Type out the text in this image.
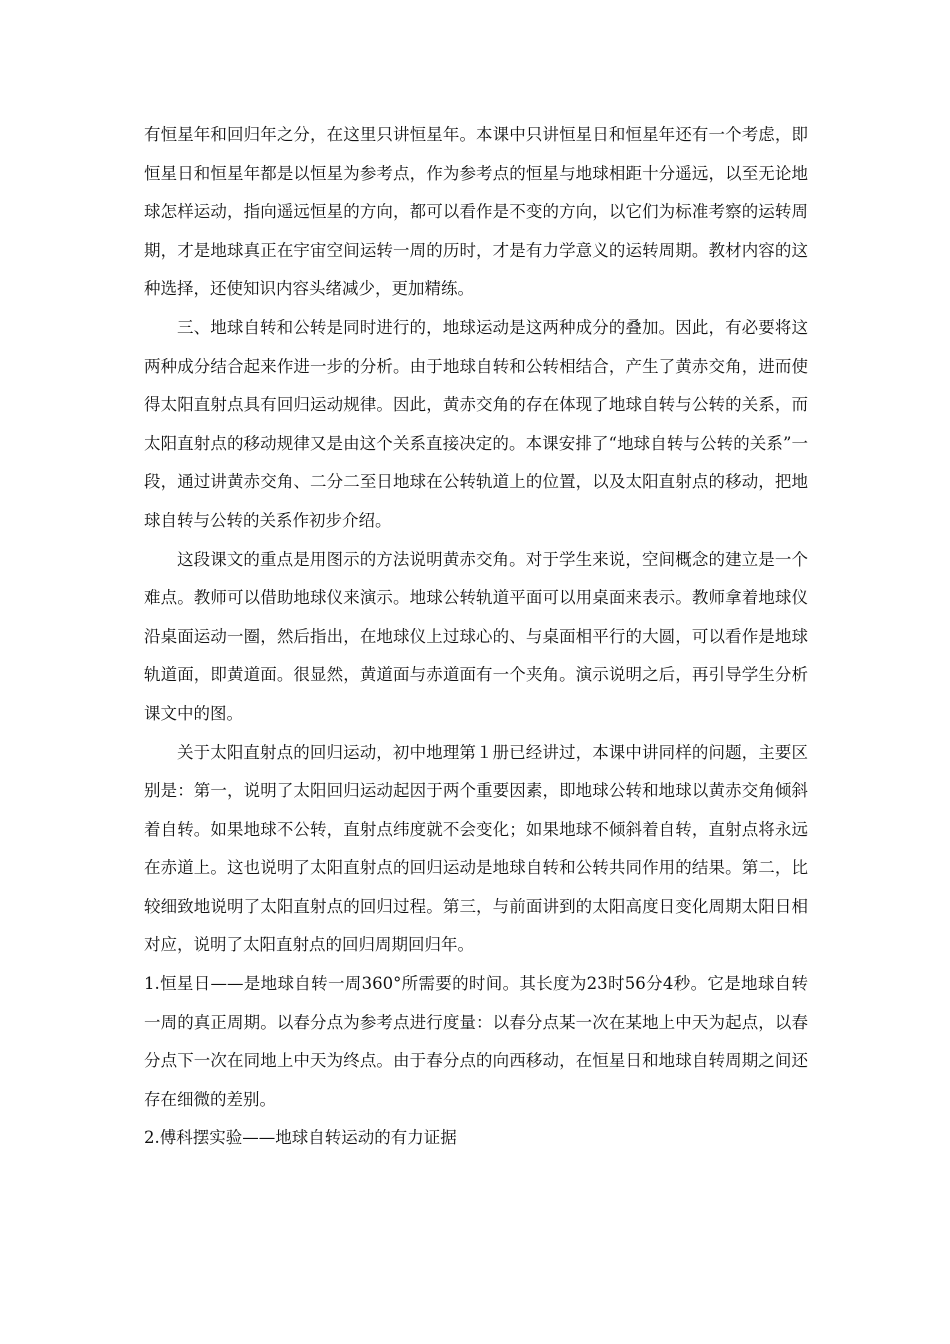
有恒星年和回归年之分，在这里只讲恒星年。本课中只讲恒星日和恒星年还有一个考虑，即恒星日和恒星年都是以恒星为参考点，作为参考点的恒星与地球相距十分遥远，以至无论地球怎样运动，指向遥远恒星的方向，都可以看作是不变的方向，以它们为标准考察的运转周期，才是地球真正在宇宙空间运转一周的历时，才是有力学意义的运转周期。教材内容的这种选择，还使知识内容头绪减少，更加精练。

三、地球自转和公转是同时进行的，地球运动是这两种成分的叠加。因此，有必要将这两种成分结合起来作进一步的分析。由于地球自转和公转相结合，产生了黄赤交角，进而使得太阳直射点具有回归运动规律。因此，黄赤交角的存在体现了地球自转与公转的关系，而太阳直射点的移动规律又是由这个关系直接决定的。本课安排了“地球自转与公转的关系”一段，通过讲黄赤交角、二分二至日地球在公转轨道上的位置，以及太阳直射点的移动，把地球自转与公转的关系作初步介绍。

这段课文的重点是用图示的方法说明黄赤交角。对于学生来说，空间概念的建立是一个难点。教师可以借助地球仪来演示。地球公转轨道平面可以用桌面来表示。教师拿着地球仪沿桌面运动一圈，然后指出，在地球仪上过球心的、与桌面相平行的大圆，可以看作是地球轨道面，即黄道面。很显然，黄道面与赤道面有一个夹角。演示说明之后，再引导学生分析课文中的图。

关于太阳直射点的回归运动，初中地理第１册已经讲过，本课中讲同样的问题，主要区别是：第一，说明了太阳回归运动起因于两个重要因素，即地球公转和地球以黄赤交角倾斜着自转。如果地球不公转，直射点纬度就不会变化；如果地球不倾斜着自转，直射点将永远在赤道上。这也说明了太阳直射点的回归运动是地球自转和公转共同作用的结果。第二，比较细致地说明了太阳直射点的回归过程。第三，与前面讲到的太阳高度日变化周期太阳日相对应，说明了太阳直射点的回归周期回归年。

1.恒星日——是地球自转一周360°所需要的时间。其长度为23时56分4秒。它是地球自转一周的真正周期。以春分点为参考点进行度量：以春分点某一次在某地上中天为起点，以春分点下一次在同地上中天为终点。由于春分点的向西移动，在恒星日和地球自转周期之间还存在细微的差别。

2.傅科摆实验——地球自转运动的有力证据
